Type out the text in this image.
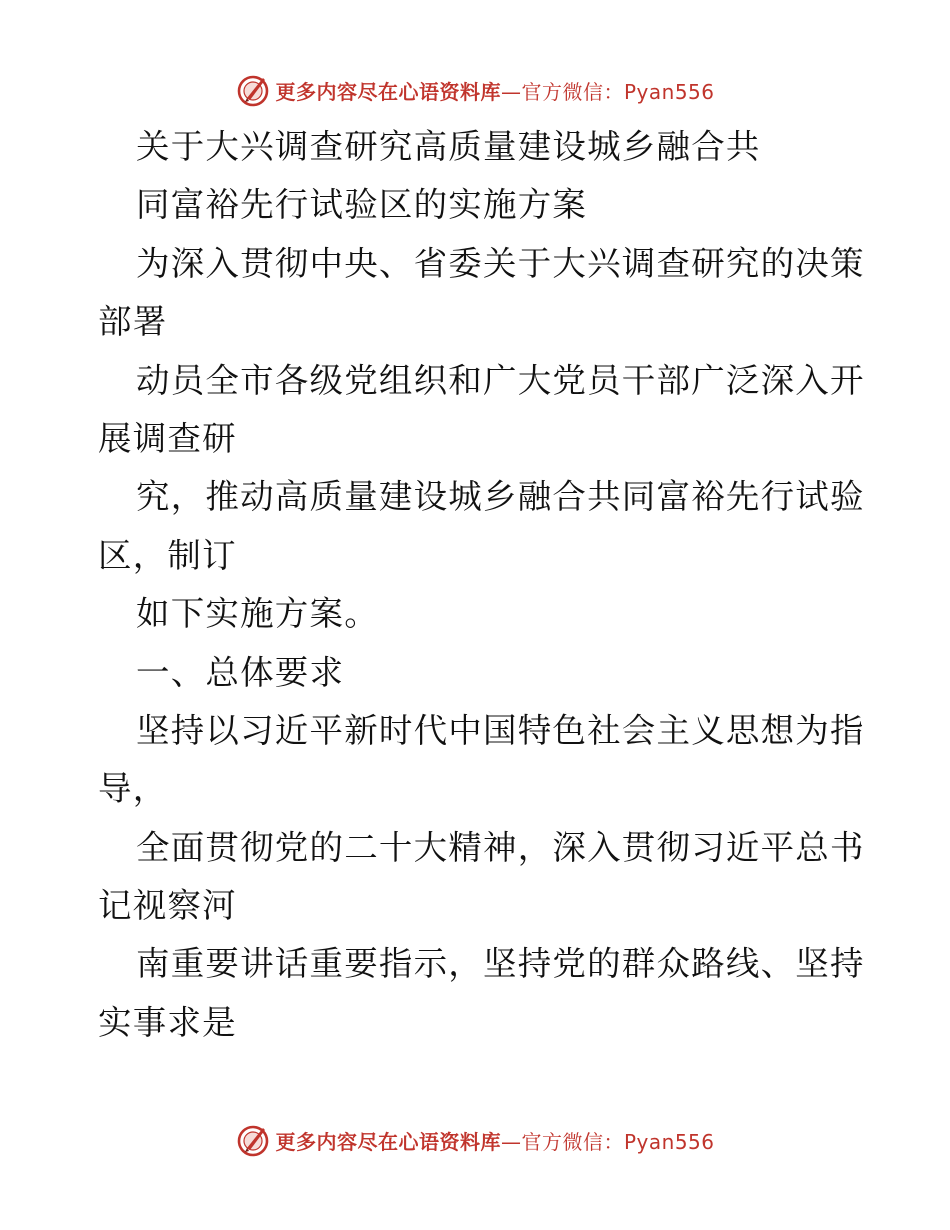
更多内容尽在心语资料库—官方微信：Pyan556
关于大兴调查研究高质量建设城乡融合共
同富裕先行试验区的实施方案
为深入贯彻中央、省委关于大兴调查研究的决策
部署
动员全市各级党组织和广大党员干部广泛深入开
展调查研
究，推动高质量建设城乡融合共同富裕先行试验
区，制订
如下实施方案。
一、总体要求
坚持以习近平新时代中国特色社会主义思想为指
导，
全面贯彻党的二十大精神，深入贯彻习近平总书
记视察河
南重要讲话重要指示，坚持党的群众路线、坚持
实事求是
更多内容尽在心语资料库—官方微信：Pyan556
